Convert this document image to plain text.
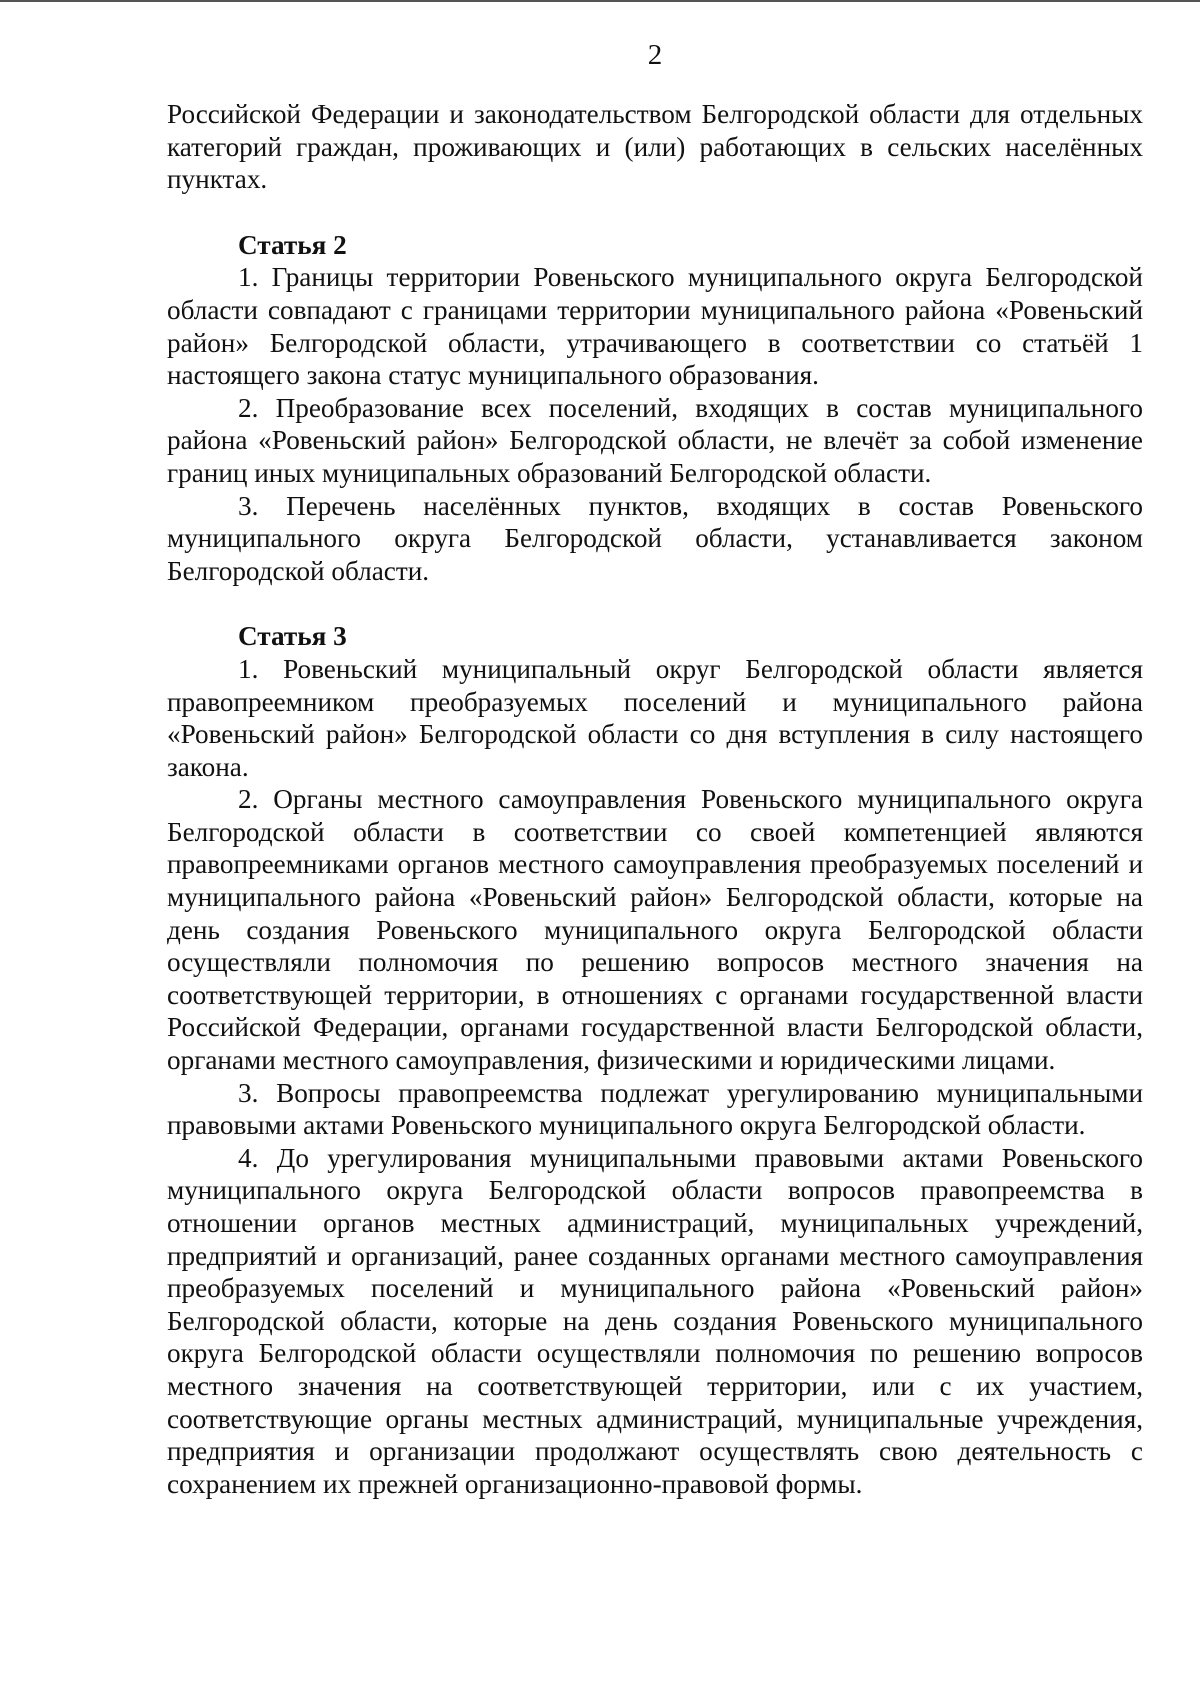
2

Российской Федерации и законодательством Белгородской области для отдельных категорий граждан, проживающих и (или) работающих в сельских населённых пунктах.

Статья 2

1. Границы территории Ровеньского муниципального округа Белгородской области совпадают с границами территории муниципального района «Ровеньский район» Белгородской области, утрачивающего в соответствии со статьёй 1 настоящего закона статус муниципального образования.

2. Преобразование всех поселений, входящих в состав муниципального района «Ровеньский район» Белгородской области, не влечёт за собой изменение границ иных муниципальных образований Белгородской области.

3. Перечень населённых пунктов, входящих в состав Ровеньского муниципального округа Белгородской области, устанавливается законом Белгородской области.

Статья 3

1. Ровеньский муниципальный округ Белгородской области является правопреемником преобразуемых поселений и муниципального района «Ровеньский район» Белгородской области со дня вступления в силу настоящего закона.

2. Органы местного самоуправления Ровеньского муниципального округа Белгородской области в соответствии со своей компетенцией являются правопреемниками органов местного самоуправления преобразуемых поселений и муниципального района «Ровеньский район» Белгородской области, которые на день создания Ровеньского муниципального округа Белгородской области осуществляли полномочия по решению вопросов местного значения на соответствующей территории, в отношениях с органами государственной власти Российской Федерации, органами государственной власти Белгородской области, органами местного самоуправления, физическими и юридическими лицами.

3. Вопросы правопреемства подлежат урегулированию муниципальными правовыми актами Ровеньского муниципального округа Белгородской области.

4. До урегулирования муниципальными правовыми актами Ровеньского муниципального округа Белгородской области вопросов правопреемства в отношении органов местных администраций, муниципальных учреждений, предприятий и организаций, ранее созданных органами местного самоуправления преобразуемых поселений и муниципального района «Ровеньский район» Белгородской области, которые на день создания Ровеньского муниципального округа Белгородской области осуществляли полномочия по решению вопросов местного значения на соответствующей территории, или с их участием, соответствующие органы местных администраций, муниципальные учреждения, предприятия и организации продолжают осуществлять свою деятельность с сохранением их прежней организационно-правовой формы.
